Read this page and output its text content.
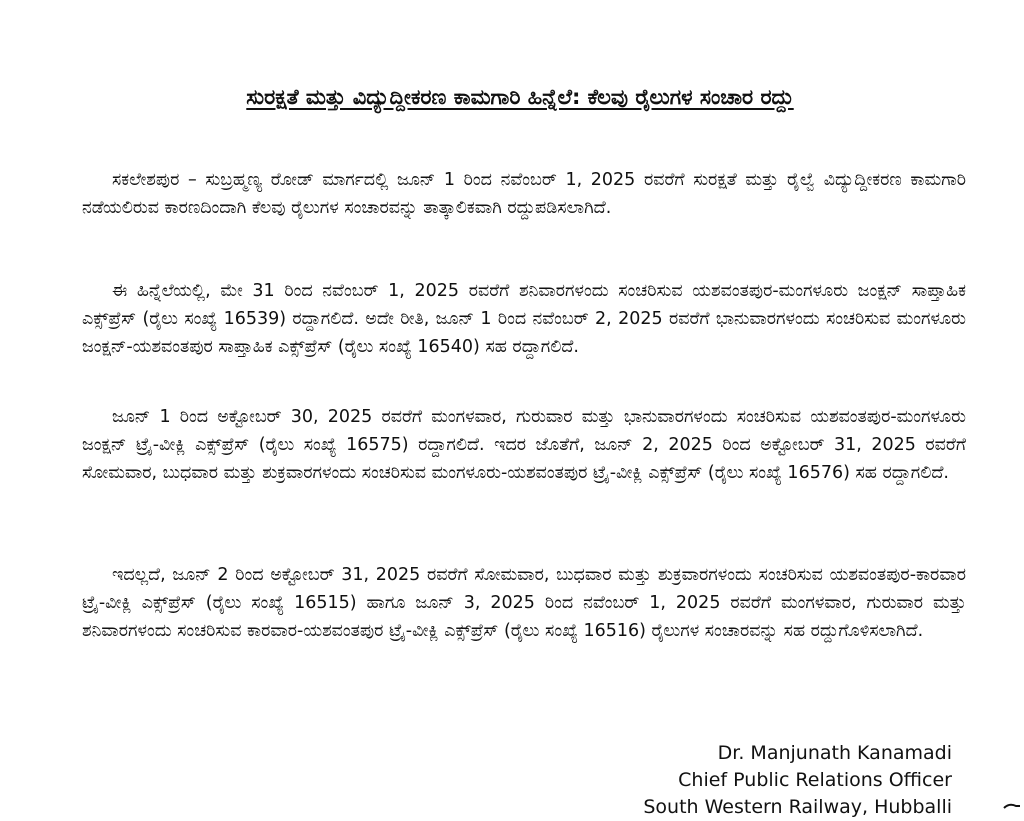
ಸುರಕ್ಷತೆ ಮತ್ತು ವಿದ್ಯುದ್ದೀಕರಣ ಕಾಮಗಾರಿ ಹಿನ್ನೆಲೆ: ಕೆಲವು ರೈಲುಗಳ ಸಂಚಾರ ರದ್ದು

ಸಕಲೇಶಪುರ – ಸುಬ್ರಹ್ಮಣ್ಯ ರೋಡ್ ಮಾರ್ಗದಲ್ಲಿ ಜೂನ್ 1 ರಿಂದ ನವೆಂಬರ್ 1, 2025 ರವರೆಗೆ ಸುರಕ್ಷತೆ ಮತ್ತು ರೈಲ್ವೆ ವಿದ್ಯುದ್ದೀಕರಣ ಕಾಮಗಾರಿ ನಡೆಯಲಿರುವ ಕಾರಣದಿಂದಾಗಿ ಕೆಲವು ರೈಲುಗಳ ಸಂಚಾರವನ್ನು ತಾತ್ಕಾಲಿಕವಾಗಿ ರದ್ದುಪಡಿಸಲಾಗಿದೆ.

ಈ ಹಿನ್ನೆಲೆಯಲ್ಲಿ, ಮೇ 31 ರಿಂದ ನವೆಂಬರ್ 1, 2025 ರವರೆಗೆ ಶನಿವಾರಗಳಂದು ಸಂಚರಿಸುವ ಯಶವಂತಪುರ-ಮಂಗಳೂರು ಜಂಕ್ಷನ್ ಸಾಪ್ತಾಹಿಕ ಎಕ್ಸ್‌ಪ್ರೆಸ್ (ರೈಲು ಸಂಖ್ಯೆ 16539) ರದ್ದಾಗಲಿದೆ. ಅದೇ ರೀತಿ, ಜೂನ್ 1 ರಿಂದ ನವೆಂಬರ್ 2, 2025 ರವರೆಗೆ ಭಾನುವಾರಗಳಂದು ಸಂಚರಿಸುವ ಮಂಗಳೂರು ಜಂಕ್ಷನ್-ಯಶವಂತಪುರ ಸಾಪ್ತಾಹಿಕ ಎಕ್ಸ್‌ಪ್ರೆಸ್ (ರೈಲು ಸಂಖ್ಯೆ 16540) ಸಹ ರದ್ದಾಗಲಿದೆ.

ಜೂನ್ 1 ರಿಂದ ಅಕ್ಟೋಬರ್ 30, 2025 ರವರೆಗೆ ಮಂಗಳವಾರ, ಗುರುವಾರ ಮತ್ತು ಭಾನುವಾರಗಳಂದು ಸಂಚರಿಸುವ ಯಶವಂತಪುರ-ಮಂಗಳೂರು ಜಂಕ್ಷನ್ ಟ್ರೈ-ವೀಕ್ಲಿ ಎಕ್ಸ್‌ಪ್ರೆಸ್ (ರೈಲು ಸಂಖ್ಯೆ 16575) ರದ್ದಾಗಲಿದೆ. ಇದರ ಜೊತೆಗೆ, ಜೂನ್ 2, 2025 ರಿಂದ ಅಕ್ಟೋಬರ್ 31, 2025 ರವರೆಗೆ ಸೋಮವಾರ, ಬುಧವಾರ ಮತ್ತು ಶುಕ್ರವಾರಗಳಂದು ಸಂಚರಿಸುವ ಮಂಗಳೂರು-ಯಶವಂತಪುರ ಟ್ರೈ-ವೀಕ್ಲಿ ಎಕ್ಸ್‌ಪ್ರೆಸ್ (ರೈಲು ಸಂಖ್ಯೆ 16576) ಸಹ ರದ್ದಾಗಲಿದೆ.

ಇದಲ್ಲದೆ, ಜೂನ್ 2 ರಿಂದ ಅಕ್ಟೋಬರ್ 31, 2025 ರವರೆಗೆ ಸೋಮವಾರ, ಬುಧವಾರ ಮತ್ತು ಶುಕ್ರವಾರಗಳಂದು ಸಂಚರಿಸುವ ಯಶವಂತಪುರ-ಕಾರವಾರ ಟ್ರೈ-ವೀಕ್ಲಿ ಎಕ್ಸ್‌ಪ್ರೆಸ್ (ರೈಲು ಸಂಖ್ಯೆ 16515) ಹಾಗೂ ಜೂನ್ 3, 2025 ರಿಂದ ನವೆಂಬರ್ 1, 2025 ರವರೆಗೆ ಮಂಗಳವಾರ, ಗುರುವಾರ ಮತ್ತು ಶನಿವಾರಗಳಂದು ಸಂಚರಿಸುವ ಕಾರವಾರ-ಯಶವಂತಪುರ ಟ್ರೈ-ವೀಕ್ಲಿ ಎಕ್ಸ್‌ಪ್ರೆಸ್ (ರೈಲು ಸಂಖ್ಯೆ 16516) ರೈಲುಗಳ ಸಂಚಾರವನ್ನು ಸಹ ರದ್ದುಗೊಳಿಸಲಾಗಿದೆ.

Dr. Manjunath Kanamadi
Chief Public Relations Officer
South Western Railway, Hubballi
